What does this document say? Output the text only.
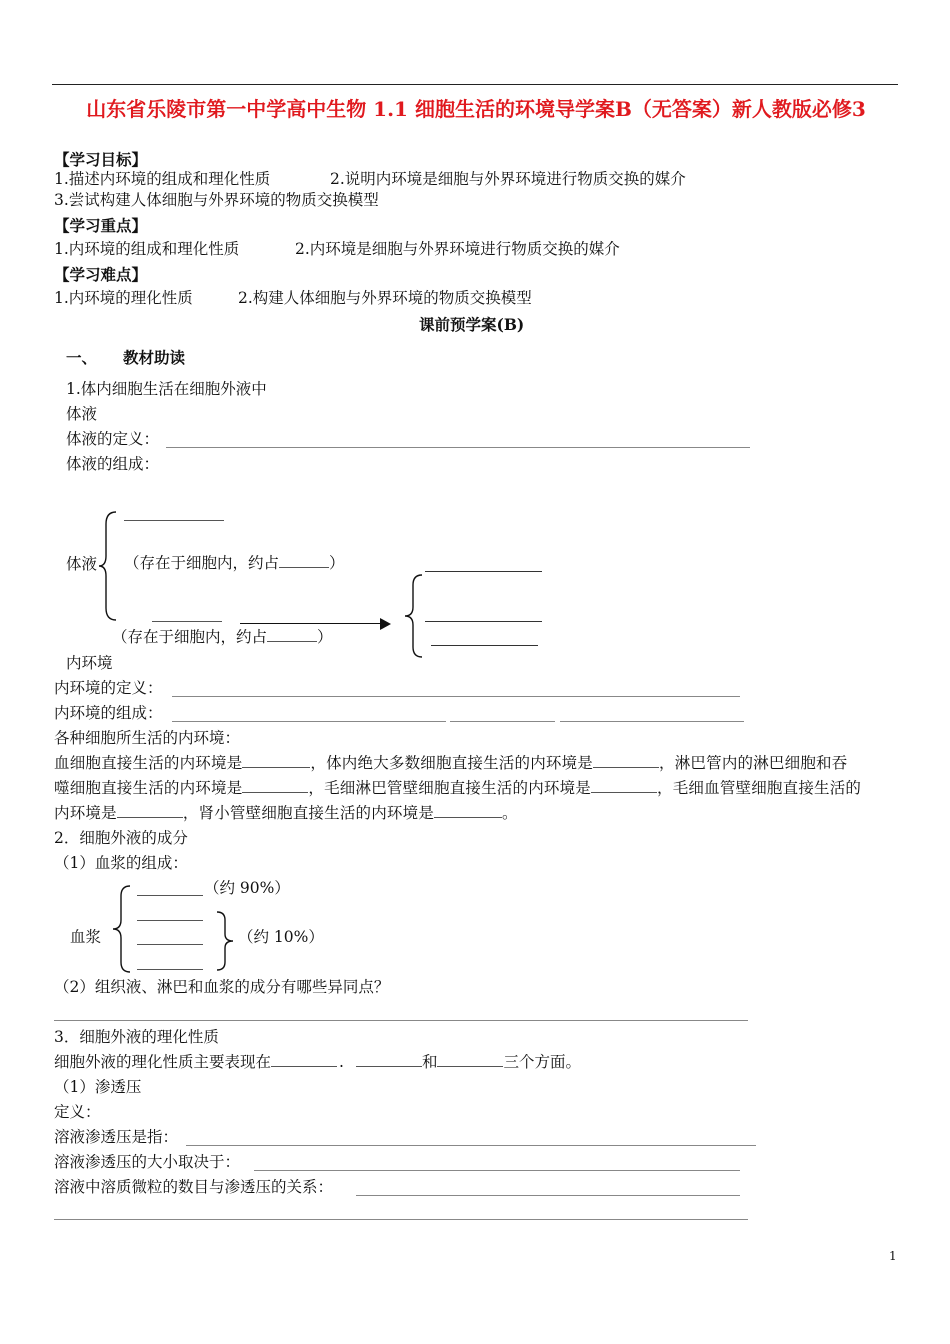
山东省乐陵市第一中学高中生物 1.1 细胞生活的环境导学案B（无答案）新人教版必修3
【学习目标】
1.描述内环境的组成和理化性质	2.说明内环境是细胞与外界环境进行物质交换的媒介
3.尝试构建人体细胞与外界环境的物质交换模型
【学习重点】
1.内环境的组成和理化性质	2.内环境是细胞与外界环境进行物质交换的媒介
【学习难点】
1.内环境的理化性质	2.构建人体细胞与外界环境的物质交换模型
课前预学案(B)
一、 教材助读
1.体内细胞生活在细胞外液中
体液
体液的定义：
体液的组成：
体液 （存在于细胞内，约占	）
（存在于细胞内，约占	）
内环境
内环境的定义：
内环境的组成：
各种细胞所生活的内环境：
血细胞直接生活的内环境是	，体内绝大多数细胞直接生活的内环境是	，淋巴管内的淋巴细胞和吞
噬细胞直接生活的内环境是	，毛细淋巴管壁细胞直接生活的内环境是	，毛细血管壁细胞直接生活的
内环境是	，肾小管壁细胞直接生活的内环境是	。
2．细胞外液的成分
（1）血浆的组成：
血浆
（约 90%）
（约 10%）
（2）组织液、淋巴和血浆的成分有哪些异同点？
3．细胞外液的理化性质
细胞外液的理化性质主要表现在	.	和	三个方面。
（1）渗透压
定义：
溶液渗透压是指：
溶液渗透压的大小取决于：
溶液中溶质微粒的数目与渗透压的关系：
1
